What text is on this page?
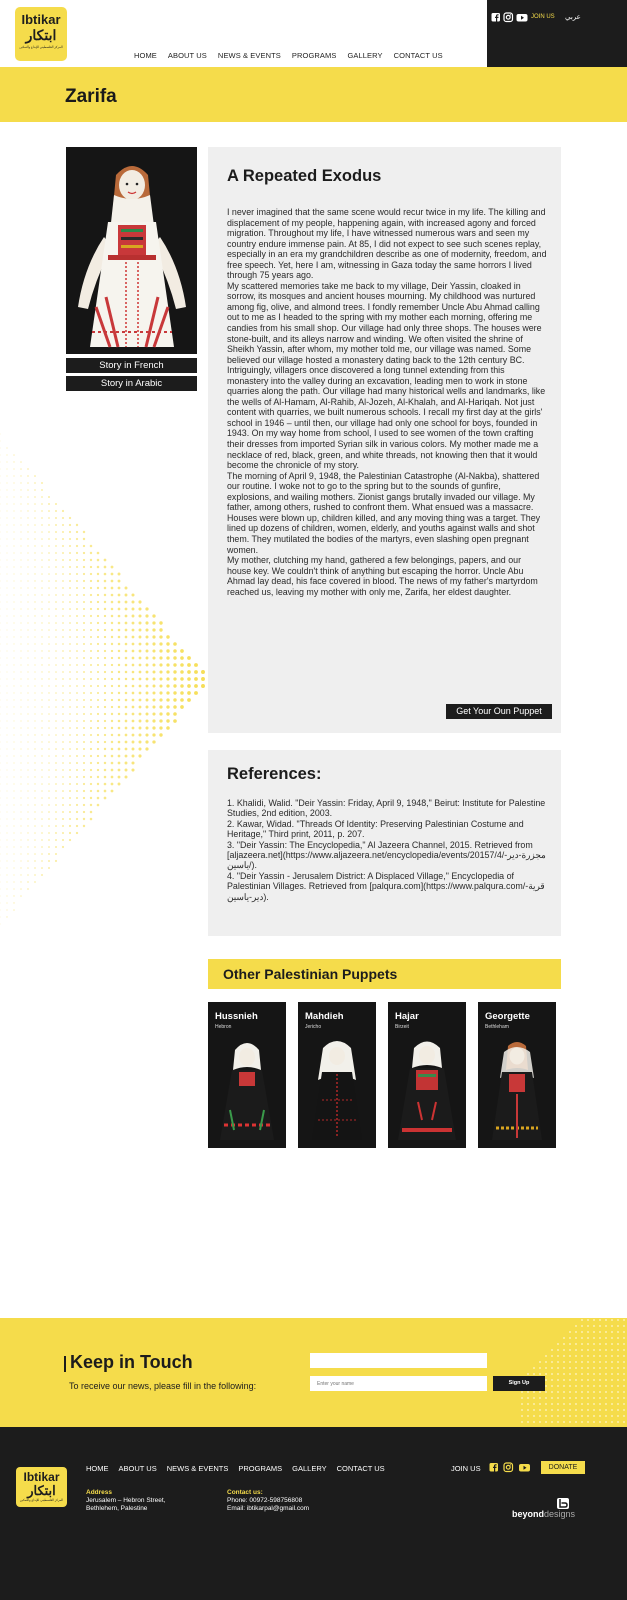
Ibtikar
ابتكار
المركز الفلسطيني للإبداع والتمكين
HOME ABOUT US NEWS & EVENTS PROGRAMS GALLERY CONTACT US
JOIN US عربي
Zarifa
Story in French
Story in Arabic
A Repeated Exodus

I never imagined that the same scene would recur twice in my life. The killing and displacement of my people, happening again, with increased agony and forced migration. Throughout my life, I have witnessed numerous wars and seen my country endure immense pain. At 85, I did not expect to see such scenes replay, especially in an era my grandchildren describe as one of modernity, freedom, and free speech. Yet, here I am, witnessing in Gaza today the same horrors I lived through 75 years ago.

My scattered memories take me back to my village, Deir Yassin, cloaked in sorrow, its mosques and ancient houses mourning. My childhood was nurtured among fig, olive, and almond trees. I fondly remember Uncle Abu Ahmad calling out to me as I headed to the spring with my mother each morning, offering me candies from his small shop. Our village had only three shops. The houses were stone-built, and its alleys narrow and winding. We often visited the shrine of Sheikh Yassin, after whom, my mother told me, our village was named. Some believed our village hosted a monastery dating back to the 12th century BC. Intriguingly, villagers once discovered a long tunnel extending from this monastery into the valley during an excavation, leading men to work in stone quarries along the path. Our village had many historical wells and landmarks, like the wells of Al-Hamam, Al-Rahib, Al-Jozeh, Al-Khalah, and Al-Hariqah. Not just content with quarries, we built numerous schools. I recall my first day at the girls' school in 1946 – until then, our village had only one school for boys, founded in 1943. On my way home from school, I used to see women of the town crafting their dresses from imported Syrian silk in various colors. My mother made me a necklace of red, black, green, and white threads, not knowing then that it would become the chronicle of my story.

The morning of April 9, 1948, the Palestinian Catastrophe (Al-Nakba), shattered our routine. I woke not to go to the spring but to the sounds of gunfire, explosions, and wailing mothers. Zionist gangs brutally invaded our village. My father, among others, rushed to confront them. What ensued was a massacre. Houses were blown up, children killed, and any moving thing was a target. They lined up dozens of children, women, elderly, and youths against walls and shot them. They mutilated the bodies of the martyrs, even slashing open pregnant women.

My mother, clutching my hand, gathered a few belongings, papers, and our house key. We couldn't think of anything but escaping the horror. Uncle Abu Ahmad lay dead, his face covered in blood. The news of my father's martyrdom reached us, leaving my mother with only me, Zarifa, her eldest daughter.

Get Your Oun Puppet
References:

1. Khalidi, Walid. "Deir Yassin: Friday, April 9, 1948," Beirut: Institute for Palestine Studies, 2nd edition, 2003.

2. Kawar, Widad. "Threads Of Identity: Preserving Palestinian Costume and Heritage," Third print, 2011, p. 207.

3. "Deir Yassin: The Encyclopedia," Al Jazeera Channel, 2015. Retrieved from [aljazeera.net](https://www.aljazeera.net/encyclopedia/events/20157/4/مجزرة-دير-ياسين/).

4. "Deir Yassin - Jerusalem District: A Displaced Village," Encyclopedia of Palestinian Villages. Retrieved from [palqura.com](https://www.palqura.com/قرية-دير-ياسين).

Other Palestinian Puppets
Hussnieh
Hebron
Mahdieh
Jericho
Hajar
Birzeit
Georgette
Bethleham
Keep in Touch
To receive our news, please fill in the following:
Enter your name	Sign Up
Ibtikar
ابتكار
المركز الفلسطيني للإبداع والتمكين
HOME ABOUT US NEWS & EVENTS PROGRAMS GALLERY CONTACT US	JOIN US	DONATE
Address
Jerusalem – Hebron Street,
Bethlehem, Palestine
Contact us:
Phone: 00972-598756808
Email: ibtikarpal@gmail.com
beyonddesigns
